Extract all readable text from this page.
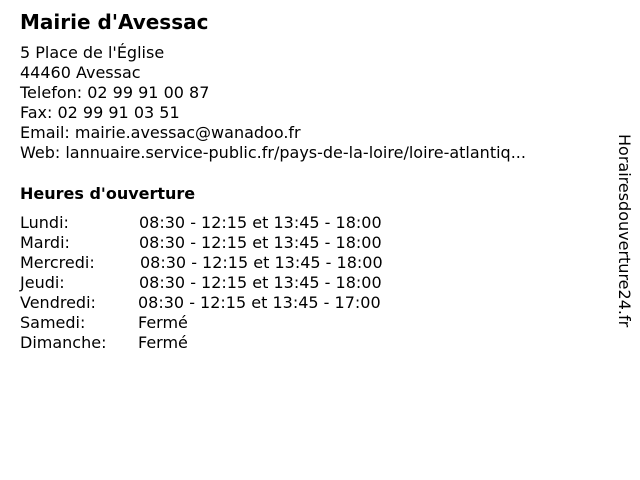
Mairie d'Avessac
5 Place de l'Église
44460 Avessac
Telefon: 02 99 91 00 87
Fax: 02 99 91 03 51
Email: mairie.avessac@wanadoo.fr
Web: lannuaire.service-public.fr/pays-de-la-loire/loire-atlantiq...
Heures d'ouverture
Lundi:	08:30 - 12:15 et 13:45 - 18:00
Mardi:	08:30 - 12:15 et 13:45 - 18:00
Mercredi:	08:30 - 12:15 et 13:45 - 18:00
Jeudi:	08:30 - 12:15 et 13:45 - 18:00
Vendredi:	08:30 - 12:15 et 13:45 - 17:00
Samedi:	Fermé
Dimanche: Fermé
Horairesdouverture24.fr
